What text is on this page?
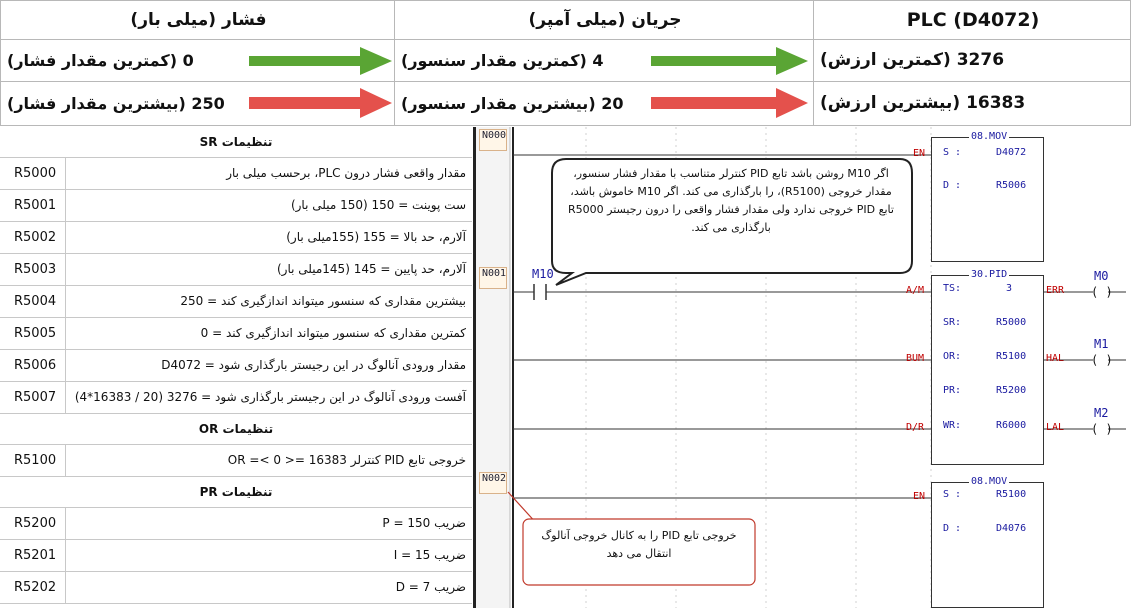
فشار (میلی بار)	جریان (میلی آمپر)	PLC (D4072)
0 (کمترین مقدار فشار)	4 (کمترین مقدار سنسور)	3276 (کمترین ارزش)
250 (بیشترین مقدار فشار)	20 (بیشترین مقدار سنسور)	16383 (بیشترین ارزش)
تنظیمات SR
R5000	مقدار واقعی فشار درون PLC، برحسب میلی بار
R5001	ست پوینت = 150 (150 میلی بار)
R5002	آلارم، حد بالا = 155 (155میلی بار)
R5003	آلارم، حد پایین = 145 (145میلی بار)
R5004	بیشترین مقداری که سنسور میتواند اندازگیری کند = 250
R5005	کمترین مقداری که سنسور میتواند اندازگیری کند = 0
R5006	مقدار ورودی آنالوگ در این رجیستر بارگذاری شود = D4072
R5007	آفست ورودی آنالوگ در این رجیستر بارگذاری شود = 3276 (20 / 16383*4)
تنظیمات OR
R5100	خروجی تابع PID کنترلر 16383 =< OR =< 0
تنظیمات PR
R5200	ضریب P = 150
R5201	ضریب I = 15
R5202	ضریب D = 7
( )
( )
( )
N000
N001
N002
اگر M10 روشن باشد تابع PID کنترلر متناسب با مقدار فشار سنسور، مقدار خروجی (R5100)، را بارگذاری می کند. اگر M10 خاموش باشد، تابع PID خروجی ندارد ولی مقدار فشار واقعی را درون رجیستر R5000 بارگذاری می کند.
خروجی تابع PID را به کانال خروجی آنالوگ انتقال می دهد
M10
08.MOV
EN S :	D4072
D :	R5006
30.PID
A/M
BUM
D/R
ERR
HAL
LAL
TS:	3
SR:	R5000
OR:	R5100
PR:	R5200
WR:	R6000
M0
M1
M2
08.MOV
EN S :	R5100
D :	D4076
